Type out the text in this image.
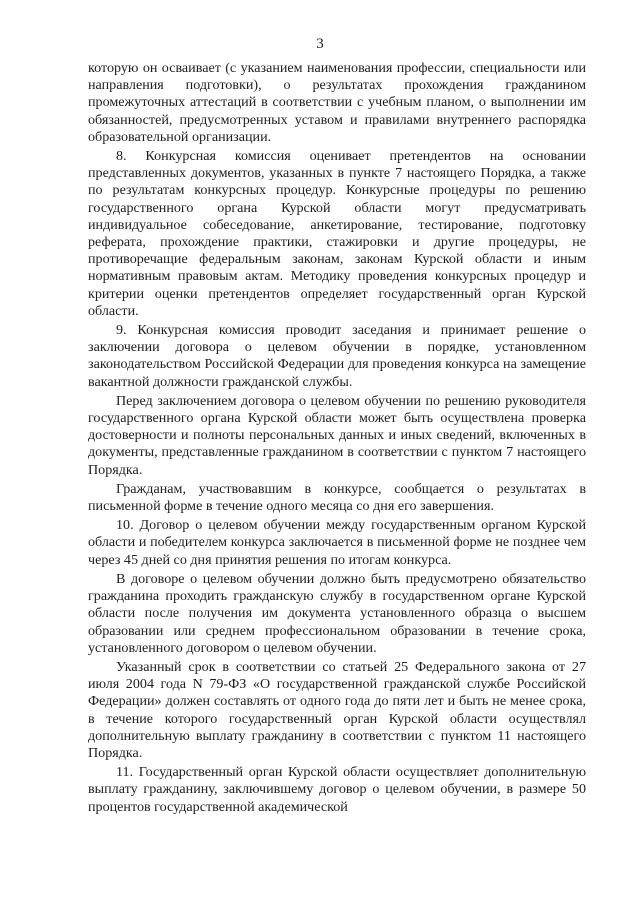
3

которую он осваивает (с указанием наименования профессии, специальности или направления подготовки), о результатах прохождения гражданином промежуточных аттестаций в соответствии с учебным планом, о выполнении им обязанностей, предусмотренных уставом и правилами внутреннего распорядка образовательной организации.

8. Конкурсная комиссия оценивает претендентов на основании представленных документов, указанных в пункте 7 настоящего Порядка, а также по результатам конкурсных процедур. Конкурсные процедуры по решению государственного органа Курской области могут предусматривать индивидуальное собеседование, анкетирование, тестирование, подготовку реферата, прохождение практики, стажировки и другие процедуры, не противоречащие федеральным законам, законам Курской области и иным нормативным правовым актам. Методику проведения конкурсных процедур и критерии оценки претендентов определяет государственный орган Курской области.

9. Конкурсная комиссия проводит заседания и принимает решение о заключении договора о целевом обучении в порядке, установленном законодательством Российской Федерации для проведения конкурса на замещение вакантной должности гражданской службы.

Перед заключением договора о целевом обучении по решению руководителя государственного органа Курской области может быть осуществлена проверка достоверности и полноты персональных данных и иных сведений, включенных в документы, представленные гражданином в соответствии с пунктом 7 настоящего Порядка.

Гражданам, участвовавшим в конкурсе, сообщается о результатах в письменной форме в течение одного месяца со дня его завершения.

10. Договор о целевом обучении между государственным органом Курской области и победителем конкурса заключается в письменной форме не позднее чем через 45 дней со дня принятия решения по итогам конкурса.

В договоре о целевом обучении должно быть предусмотрено обязательство гражданина проходить гражданскую службу в государственном органе Курской области после получения им документа установленного образца о высшем образовании или среднем профессиональном образовании в течение срока, установленного договором о целевом обучении.

Указанный срок в соответствии со статьей 25 Федерального закона от 27 июля 2004 года N 79-ФЗ «О государственной гражданской службе Российской Федерации» должен составлять от одного года до пяти лет и быть не менее срока, в течение которого государственный орган Курской области осуществлял дополнительную выплату гражданину в соответствии с пунктом 11 настоящего Порядка.

11. Государственный орган Курской области осуществляет дополнительную выплату гражданину, заключившему договор о целевом обучении, в размере 50 процентов государственной академической
